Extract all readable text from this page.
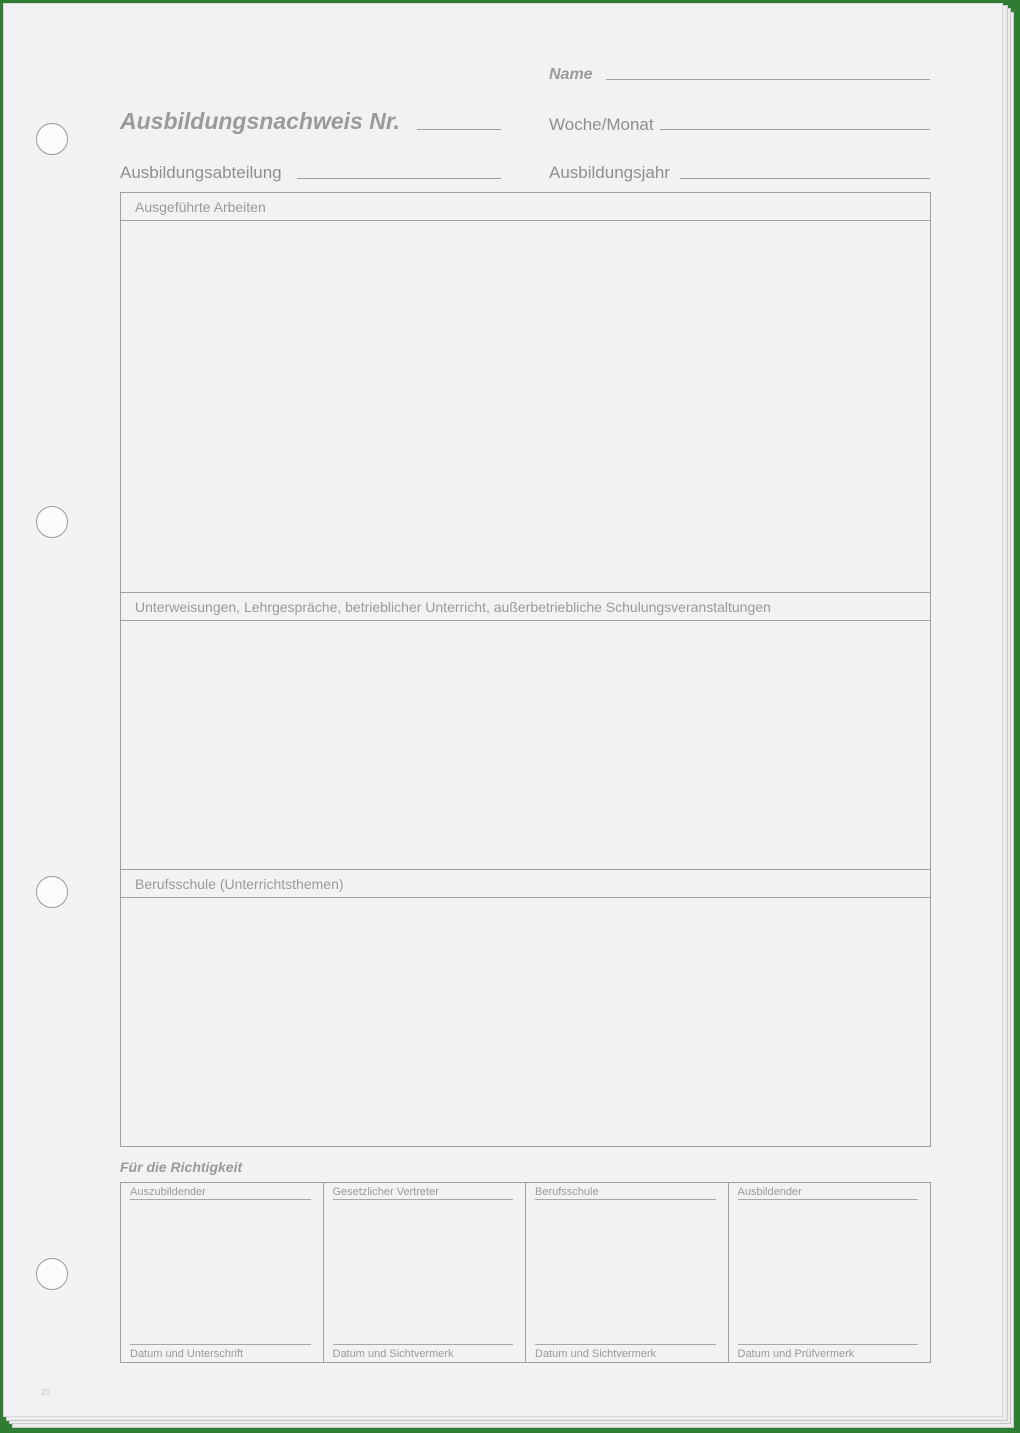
Name
Ausbildungsnachweis Nr.	Woche/Monat
Ausbildungsabteilung	Ausbildungsjahr
Ausgeführte Arbeiten
Unterweisungen, Lehrgespräche, betrieblicher Unterricht, außerbetriebliche Schulungsveranstaltungen
Berufsschule (Unterrichtsthemen)
Für die Richtigkeit
Auszubildender
Datum und Unterschrift
Gesetzlicher Vertreter
Datum und Sichtvermerk
Berufsschule
Datum und Sichtvermerk
Ausbildender
Datum und Prüfvermerk
20
